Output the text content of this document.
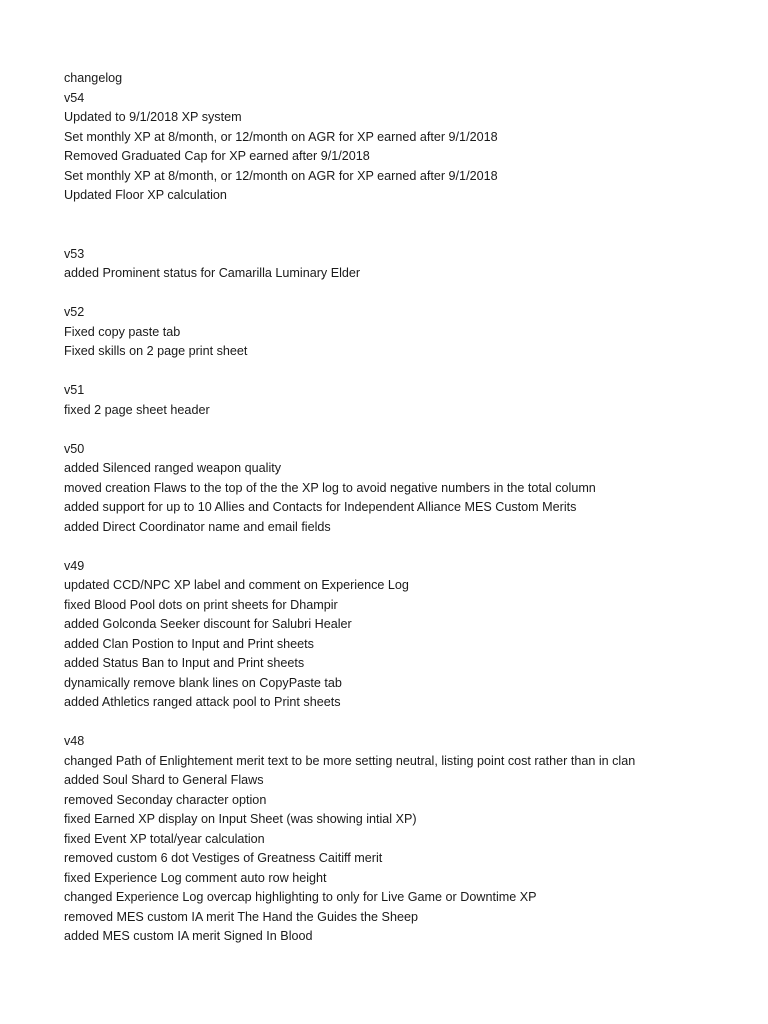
changelog
v54
Updated to 9/1/2018 XP system
Set monthly XP at 8/month, or 12/month on AGR for XP earned after 9/1/2018
Removed Graduated Cap for XP earned after 9/1/2018
Set monthly XP at 8/month, or 12/month on AGR for XP earned after 9/1/2018
Updated Floor XP calculation
v53
added Prominent status for Camarilla Luminary Elder
v52
Fixed copy paste tab
Fixed skills on 2 page print sheet
v51
fixed 2 page sheet header
v50
added Silenced ranged weapon quality
moved creation Flaws to the top of the the XP log to avoid negative numbers in the total column
added support for up to 10 Allies and Contacts for Independent Alliance MES Custom Merits
added Direct Coordinator name and email fields
v49
updated CCD/NPC XP label and comment on Experience Log
fixed Blood Pool dots on print sheets for Dhampir
added Golconda Seeker discount for Salubri Healer
added Clan Postion to Input and Print sheets
added Status Ban to Input and Print sheets
dynamically remove blank lines on CopyPaste tab
added Athletics ranged attack pool to Print sheets
v48
changed Path of Enlightement merit text to be more setting neutral, listing point cost rather than in clan
added Soul Shard to General Flaws
removed Seconday character option
fixed Earned XP display on Input Sheet (was showing intial XP)
fixed Event XP total/year calculation
removed custom 6 dot Vestiges of Greatness Caitiff merit
fixed Experience Log comment auto row height
changed Experience Log overcap highlighting to only for Live Game or Downtime XP
removed MES custom IA merit The Hand the Guides the Sheep
added MES custom IA merit Signed In Blood
